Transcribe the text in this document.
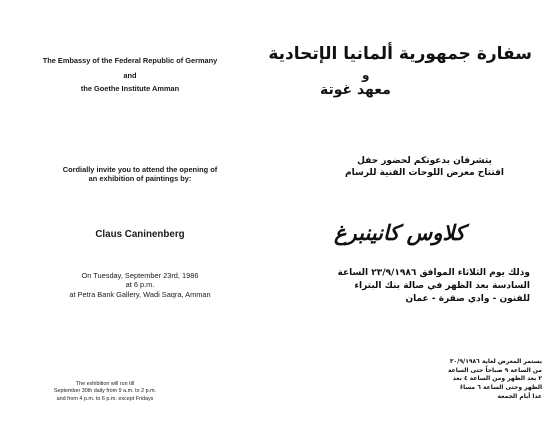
The Embassy of the Federal Republic of Germany
and
the Goethe Institute Amman
Cordially invite you to attend the opening of
an exhibition of paintings by:
Claus Caninenberg
On Tuesday, September 23rd, 1986
at 6 p.m.
at Petra Bank Gallery, Wadi Saqra, Amman
The exhibition will run till
September 30th daily from 9 a.m. to 2 p.m.
and from 4 p.m. to 6 p.m. except Fridays
سفارة جمهورية ألمانيا الإتحادية
و
معهد غوتة
يتشرفان بدعوتكم لحضور حفل
افتتاح معرض اللوحات الفنية للرسام
كلاوس كانينبرغ
وذلك يوم الثلاثاء الموافق ٢٣/٩/١٩٨٦ الساعة
السادسة بعد الظهر في صالة بنك البتراء
للفنون - وادي صقرة - عمان
يستمر المعرض لغاية ٣٠/٩/١٩٨٦
من الساعة ٩ صباحاً حتى الساعة
٢ بعد الظهر ومن الساعة ٤ بعد
الظهر وحتى الساعة ٦ مساءً
عدا أيام الجمعة
